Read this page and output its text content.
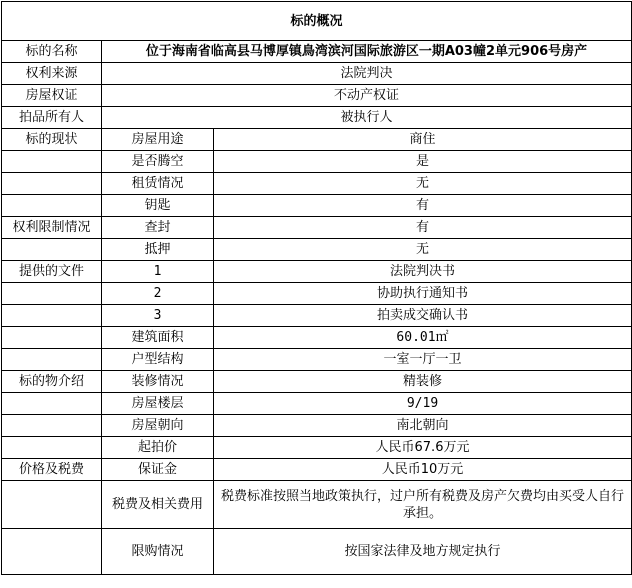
标的概况		
标的名称	位于海南省临高县马博厚镇鳥湾滨河国际旅游区一期A03幢2单元906号房产	
权利来源	法院判决	
房屋权证	不动产权证	
拍品所有人	被执行人	
标的现状	房屋用途	商住
	是否腾空	是
	租赁情况	无
	钥匙	有
权利限制情况	查封	有
	抵押	无
提供的文件	1	法院判决书
	2	协助执行通知书
	3	拍卖成交确认书
	建筑面积	60.01㎡
	户型结构	一室一厅一卫
标的物介绍	装修情况	精装修
	房屋楼层	9/19
	房屋朝向	南北朝向
	起拍价	人民币67.6万元
价格及税费	保证金	人民币10万元
	税费及相关费用	税费标准按照当地政策执行，过户所有税费及房产欠费均由买受人自行承担。
	限购情况	按国家法律及地方规定执行
